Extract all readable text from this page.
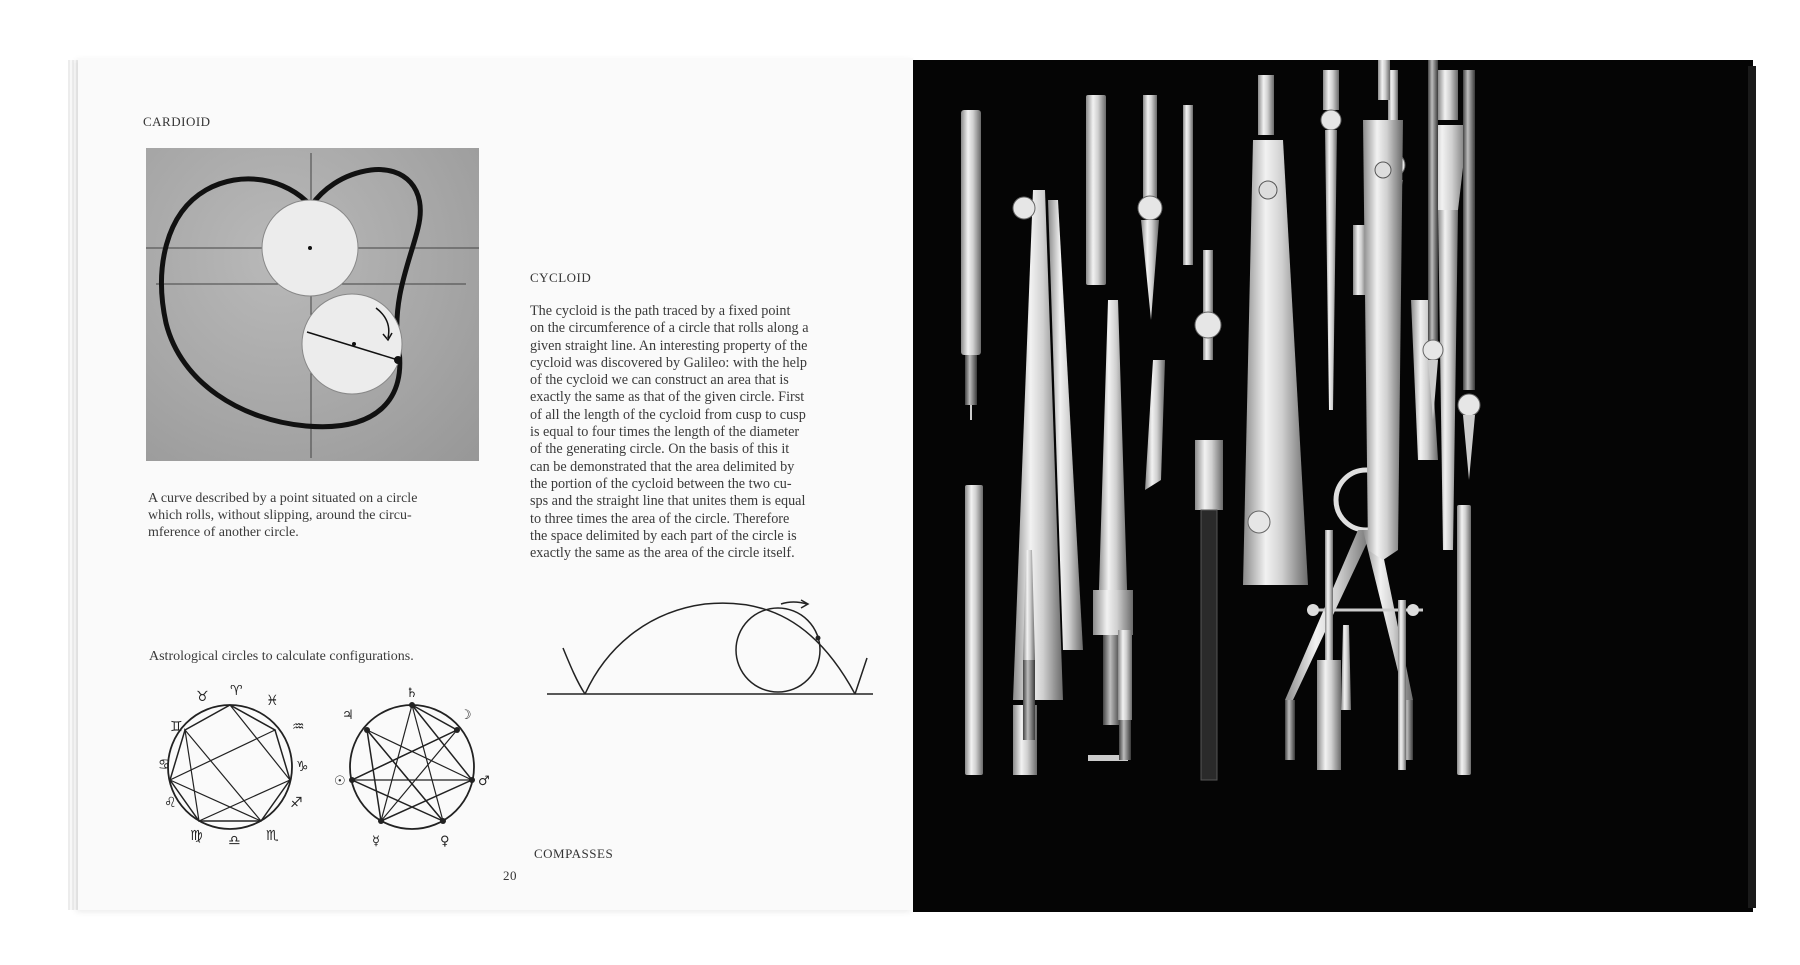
CARDIOID
A curve described by a point situated on a circle
which rolls, without slipping, around the circu-
mference of another circle.
CYCLOID
The cycloid is the path traced by a fixed point
on the circumference of a circle that rolls along a
given straight line. An interesting property of the
cycloid was discovered by Galileo: with the help
of the cycloid we can construct an area that is
exactly the same as that of the given circle. First
of all the length of the cycloid from cusp to cusp
is equal to four times the length of the diameter
of the generating circle. On the basis of this it
can be demonstrated that the area delimited by
the portion of the cycloid between the two cu-
sps and the straight line that unites them is equal
to three times the area of the circle. Therefore
the space delimited by each part of the circle is
exactly the same as the area of the circle itself.
Astrological circles to calculate configurations.
♉ ♈
♓
♊	♒
♋	♑
♌	♐
♍ ♎ ♏
♄
☽
♃
♂
☉
♀
☿
COMPASSES
20
